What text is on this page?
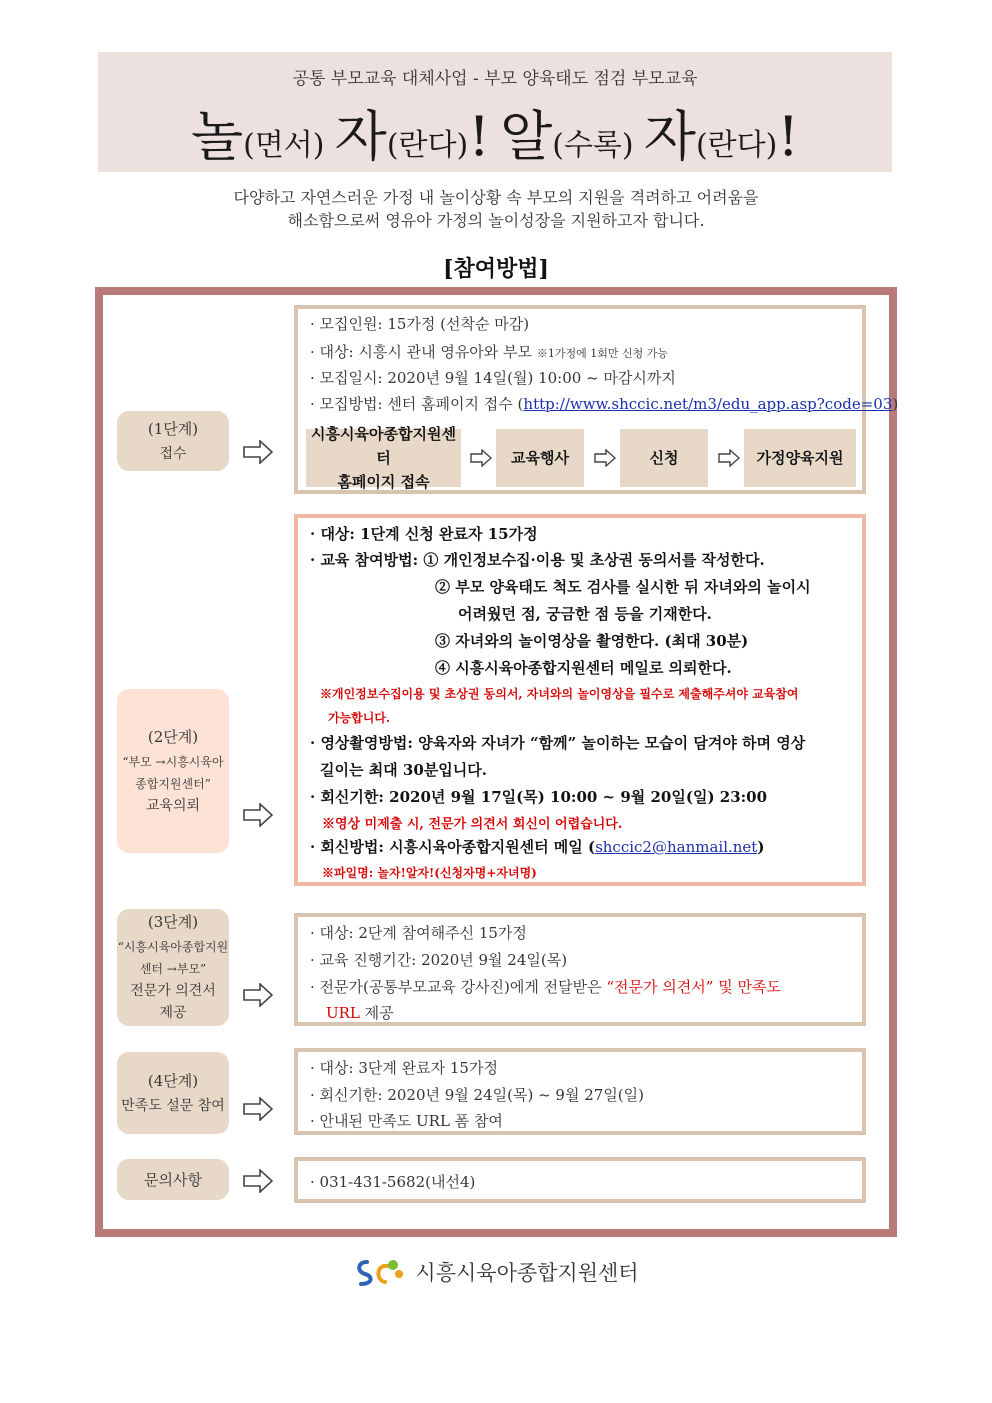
공통 부모교육 대체사업 - 부모 양육태도 점검 부모교육
놀(면서) 자(란다)! 알(수록) 자(란다)!
다양하고 자연스러운 가정 내 놀이상황 속 부모의 지원을 격려하고 어려움을
해소함으로써 영유아 가정의 놀이성장을 지원하고자 합니다.
[참여방법]
(1단계)
접수
· 모집인원: 15가정 (선착순 마감)
· 대상: 시흥시 관내 영유아와 부모 ※1가정에 1회만 신청 가능
· 모집일시: 2020년 9월 14일(월) 10:00 ~ 마감시까지
· 모집방법: 센터 홈페이지 접수 (http://www.shccic.net/m3/edu_app.asp?code=03)
시흥시육아종합지원센터
홈페이지 접속
교육행사	신청	가정양육지원
(2단계)
“부모 →시흥시육아
종합지원센터”
교육의뢰
· 대상: 1단계 신청 완료자 15가정
· 교육 참여방법: ① 개인정보수집·이용 및 초상권 동의서를 작성한다.
② 부모 양육태도 척도 검사를 실시한 뒤 자녀와의 놀이시
어려웠던 점, 궁금한 점 등을 기재한다.
③ 자녀와의 놀이영상을 촬영한다. (최대 30분)
④ 시흥시육아종합지원센터 메일로 의뢰한다.
※개인정보수집이용 및 초상권 동의서, 자녀와의 놀이영상을 필수로 제출해주셔야 교육참여
가능합니다.
· 영상촬영방법: 양육자와 자녀가 “함께” 놀이하는 모습이 담겨야 하며 영상
길이는 최대 30분입니다.
· 회신기한: 2020년 9월 17일(목) 10:00 ~ 9월 20일(일) 23:00
※영상 미제출 시, 전문가 의견서 회신이 어렵습니다.
· 회신방법: 시흥시육아종합지원센터 메일 (shccic2@hanmail.net)
※파일명: 놀자!알자!(신청자명+자녀명)
(3단계)
“시흥시육아종합지원
센터 →부모”
전문가 의견서
제공
· 대상: 2단계 참여해주신 15가정
· 교육 진행기간: 2020년 9월 24일(목)
· 전문가(공통부모교육 강사진)에게 전달받은 “전문가 의견서” 및 만족도
URL 제공
(4단계)
만족도 설문 참여
· 대상: 3단계 완료자 15가정
· 회신기한: 2020년 9월 24일(목) ~ 9월 27일(일)
· 안내된 만족도 URL 폼 참여
문의사항	· 031-431-5682(내선4)
시흥시육아종합지원센터
